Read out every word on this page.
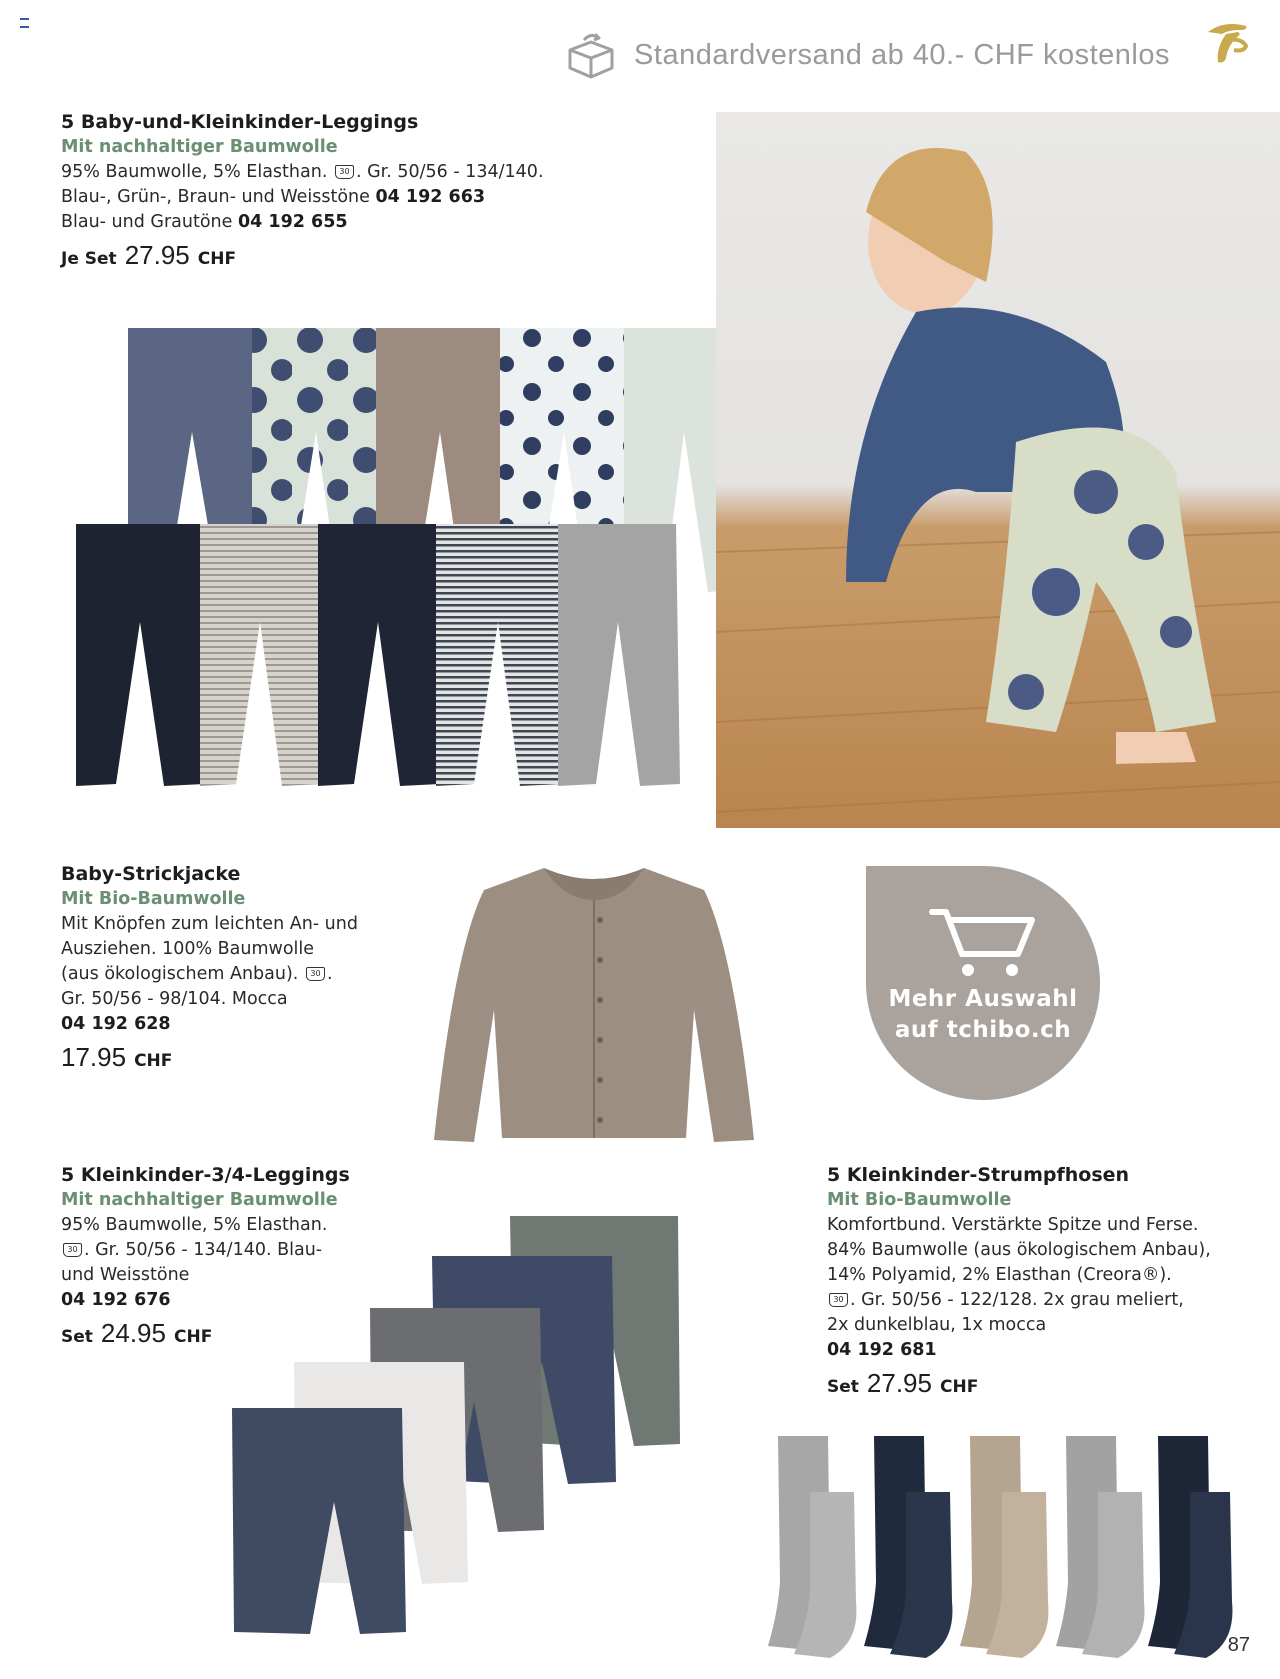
Standardversand ab 40.- CHF kostenlos
5 Baby-und-Kleinkinder-Leggings
Mit nachhaltiger Baumwolle
95% Baumwolle, 5% Elasthan. 30 . Gr. 50/56 - 134/140.
Blau-, Grün-, Braun- und Weisstöne 04 192 663
Blau- und Grautöne 04 192 655
Je Set 27.95 CHF
Baby-Strickjacke
Mit Bio-Baumwolle
Mit Knöpfen zum leichten An- und
Ausziehen. 100% Baumwolle
(aus ökologischem Anbau). 30 .
Gr. 50/56 - 98/104. Mocca
04 192 628
17.95 CHF
Mehr Auswahl
auf tchibo.ch
5 Kleinkinder-3/4-Leggings
Mit nachhaltiger Baumwolle
95% Baumwolle, 5% Elasthan.
30 . Gr. 50/56 - 134/140. Blau-
und Weisstöne
04 192 676
Set 24.95 CHF
5 Kleinkinder-Strumpfhosen
Mit Bio-Baumwolle
Komfortbund. Verstärkte Spitze und Ferse.
84% Baumwolle (aus ökologischem Anbau),
14% Polyamid, 2% Elasthan (Creora®).
30 . Gr. 50/56 - 122/128. 2x grau meliert,
2x dunkelblau, 1x mocca
04 192 681
Set 27.95 CHF
87
